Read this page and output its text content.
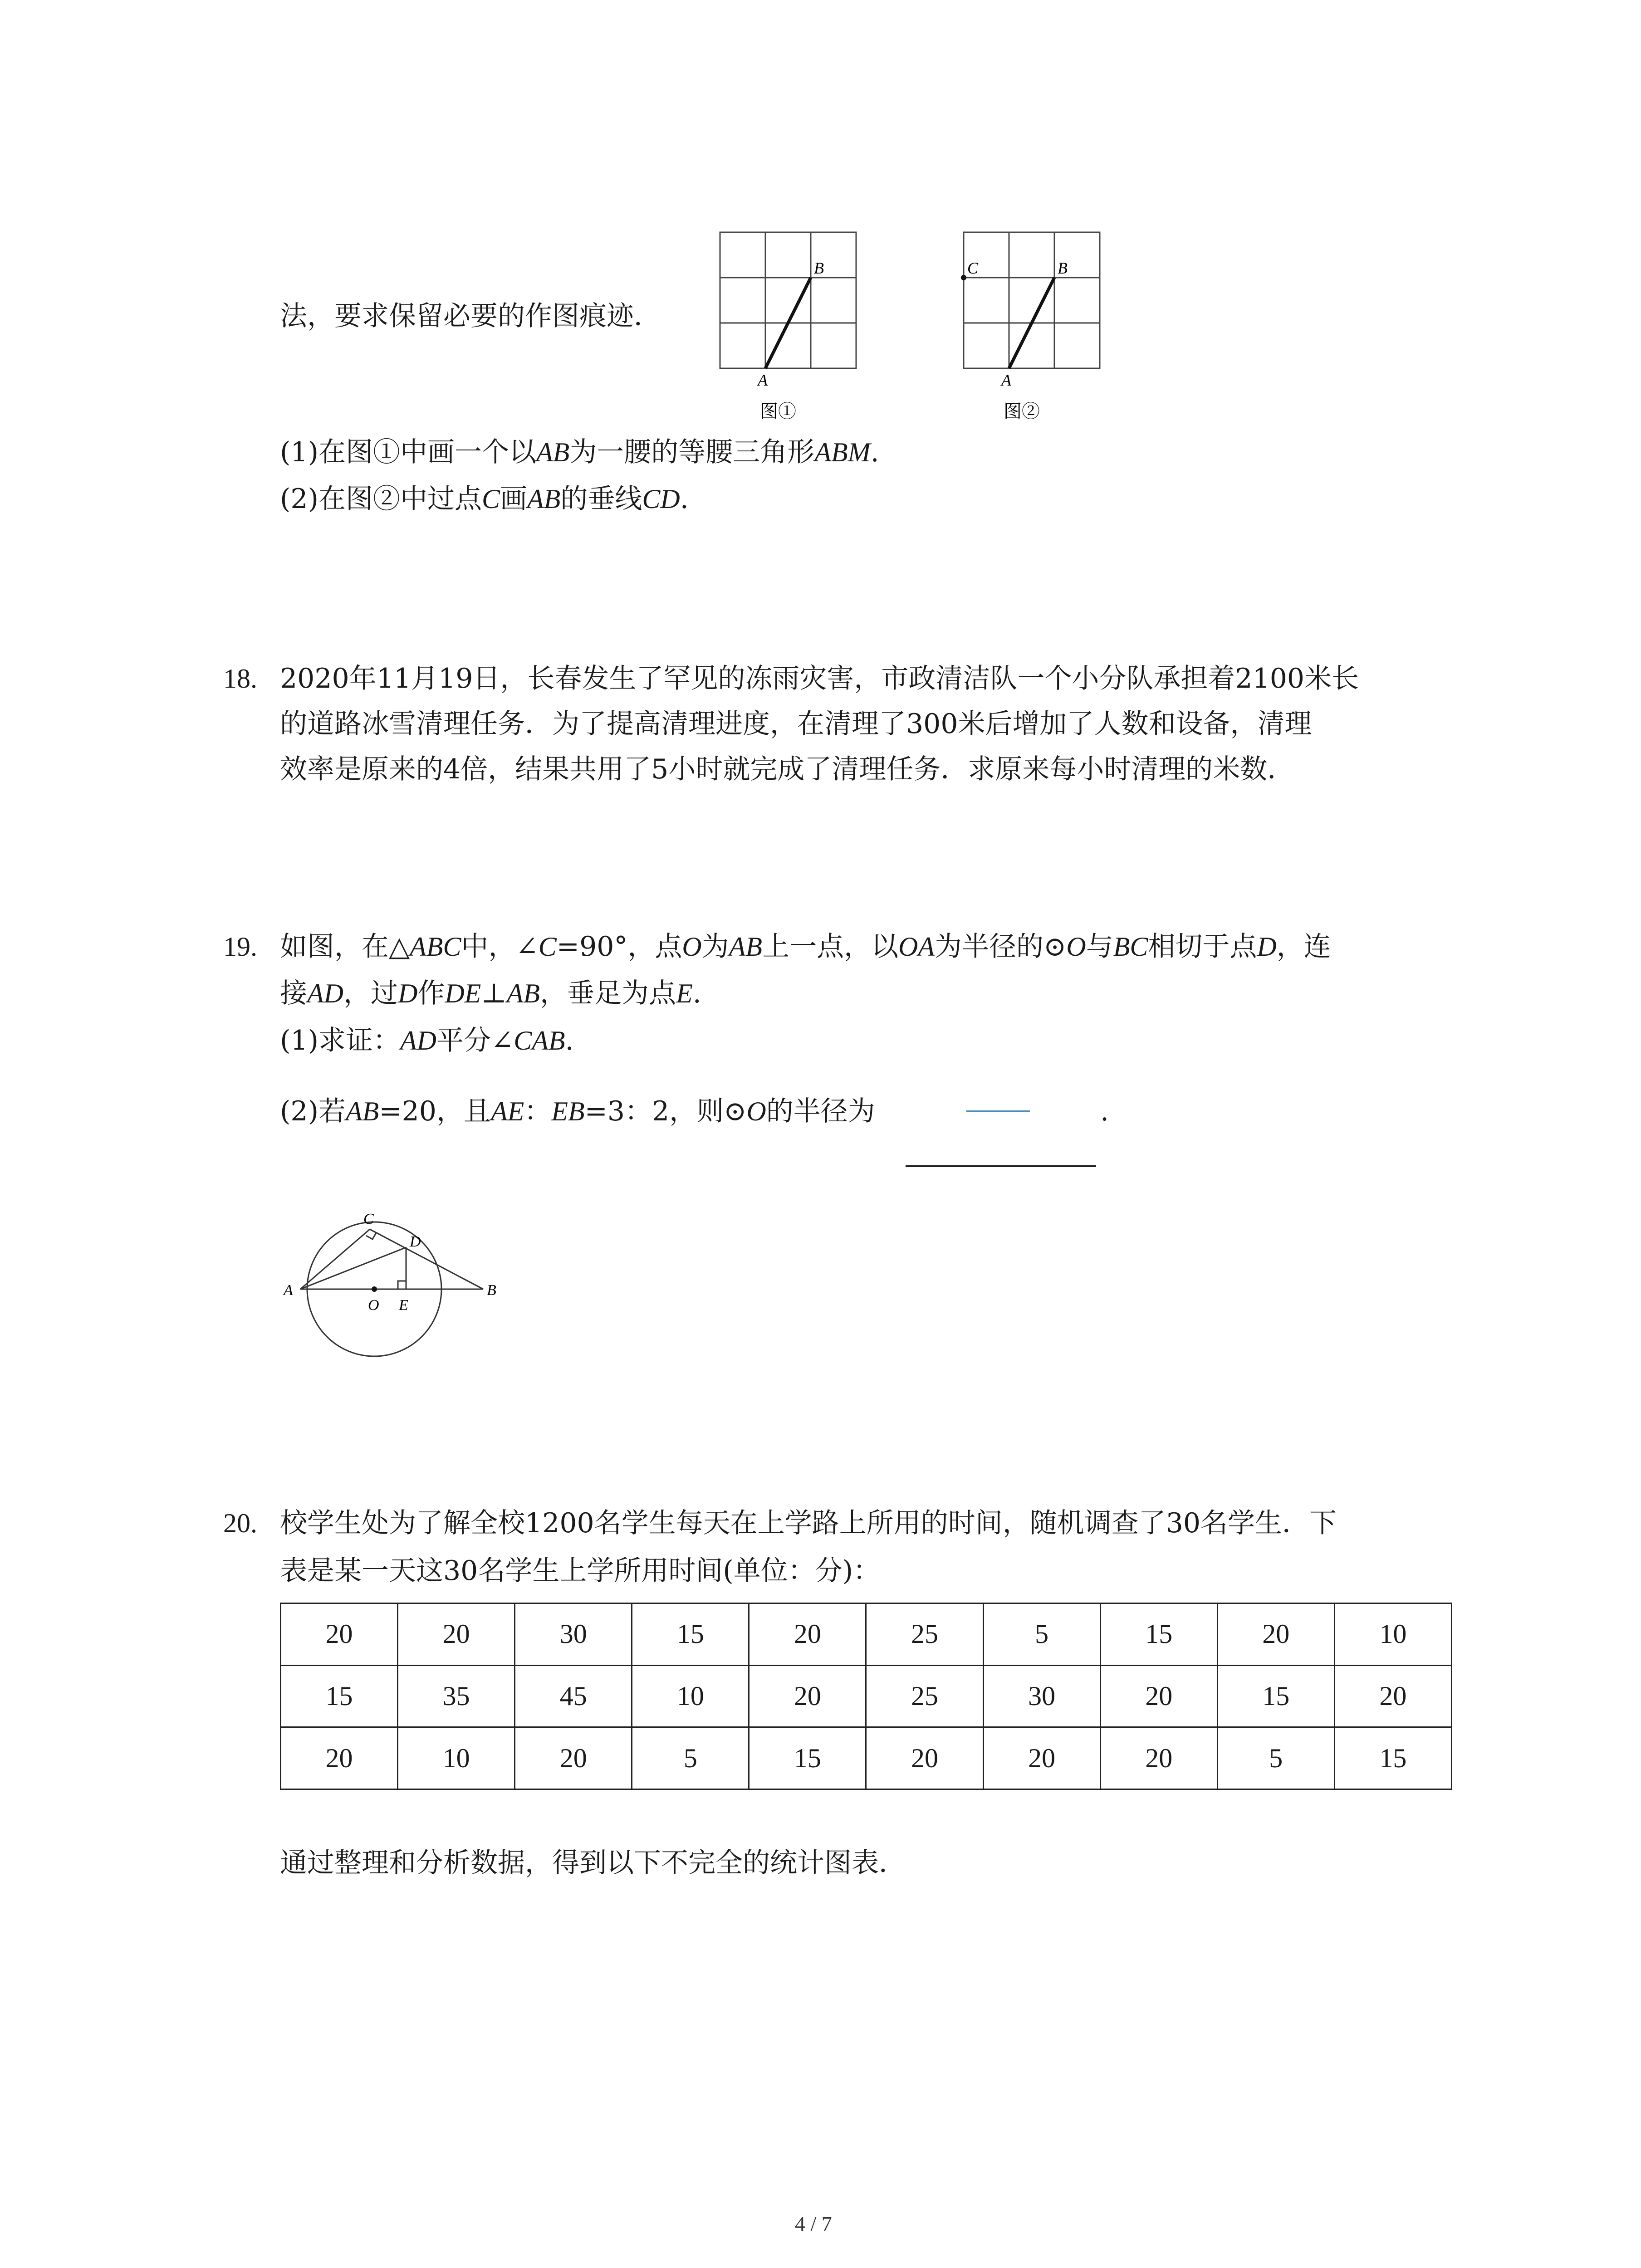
法，要求保留必要的作图痕迹．
B
A
图①
C	B
A
图②
(1)在图①中画一个以AB为一腰的等腰三角形ABM.
(2)在图②中过点C画AB的垂线CD.
18. 2020年11月19日，长春发生了罕见的冻雨灾害，市政清洁队一个小分队承担着2100米长
的道路冰雪清理任务．为了提高清理进度，在清理了300米后增加了人数和设备，清理
效率是原来的4倍，结果共用了5小时就完成了清理任务．求原来每小时清理的米数．
19. 如图，在△ABC中，∠C=90°，点O为AB上一点，以OA为半径的⊙O与BC相切于点D，连
接AD，过D作DE⊥AB，垂足为点E.
(1)求证：AD平分∠CAB.
(2)若AB=20，且AE：EB=3：2，则⊙O的半径为	.
A	B
C
D
O E
20. 校学生处为了解全校1200名学生每天在上学路上所用的时间，随机调查了30名学生．下
表是某一天这30名学生上学所用时间(单位：分)：
20	20	30	15	20	25	5	15	20	10
15	35	45	10	20	25	30	20	15	20
20	10	20	5	15	20	20	20	5	15
通过整理和分析数据，得到以下不完全的统计图表．
4 / 7
